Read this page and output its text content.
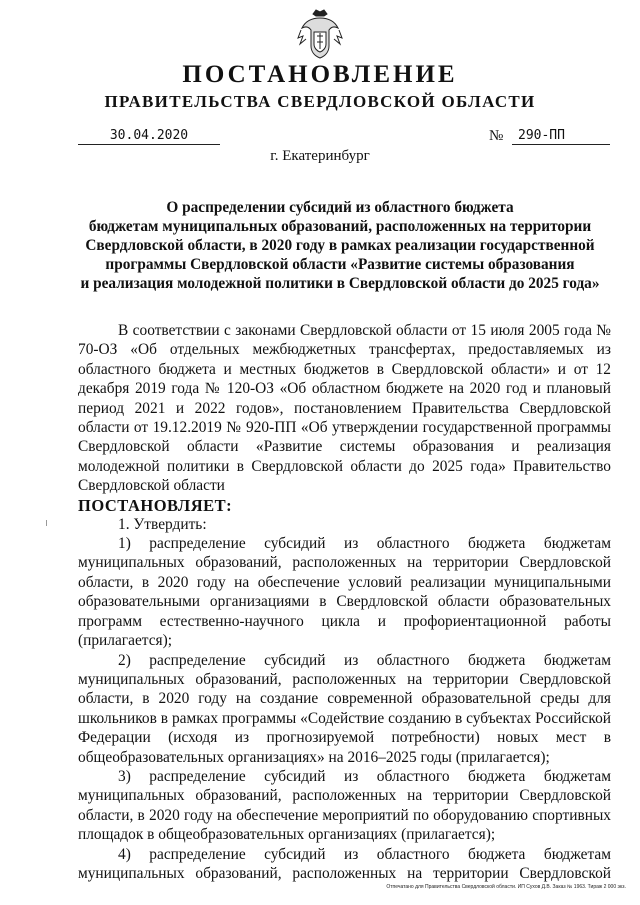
ПОСТАНОВЛЕНИЕ
ПРАВИТЕЛЬСТВА СВЕРДЛОВСКОЙ ОБЛАСТИ
30.04.2020	№	290-ПП
г. Екатеринбург
О распределении субсидий из областного бюджета
бюджетам муниципальных образований, расположенных на территории
Свердловской области, в 2020 году в рамках реализации государственной
программы Свердловской области «Развитие системы образования
и реализация молодежной политики в Свердловской области до 2025 года»

В соответствии с законами Свердловской области от 15 июля 2005 года № 70-ОЗ «Об отдельных межбюджетных трансфертах, предоставляемых из областного бюджета и местных бюджетов в Свердловской области» и от 12 декабря 2019 года № 120-ОЗ «Об областном бюджете на 2020 год и плановый период 2021 и 2022 годов», постановлением Правительства Свердловской области от 19.12.2019 № 920-ПП «Об утверждении государственной программы Свердловской области «Развитие системы образования и реализация молодежной политики в Свердловской области до 2025 года» Правительство Свердловской области

ПОСТАНОВЛЯЕТ:

1. Утвердить:

1) распределение субсидий из областного бюджета бюджетам муниципальных образований, расположенных на территории Свердловской области, в 2020 году на обеспечение условий реализации муниципальными образовательными организациями в Свердловской области образовательных программ естественно-научного цикла и профориентационной работы (прилагается);

2) распределение субсидий из областного бюджета бюджетам муниципальных образований, расположенных на территории Свердловской области, в 2020 году на создание современной образовательной среды для школьников в рамках программы «Содействие созданию в субъектах Российской Федерации (исходя из прогнозируемой потребности) новых мест в общеобразовательных организациях» на 2016–2025 годы (прилагается);

3) распределение субсидий из областного бюджета бюджетам муниципальных образований, расположенных на территории Свердловской области, в 2020 году на обеспечение мероприятий по оборудованию спортивных площадок в общеобразовательных организациях (прилагается);

4) распределение субсидий из областного бюджета бюджетам муниципальных образований, расположенных на территории Свердловской

Отпечатано для Правительства Свердловской области. ИП Сухов Д.В. Заказ № 1963. Тираж 2 000 экз.
